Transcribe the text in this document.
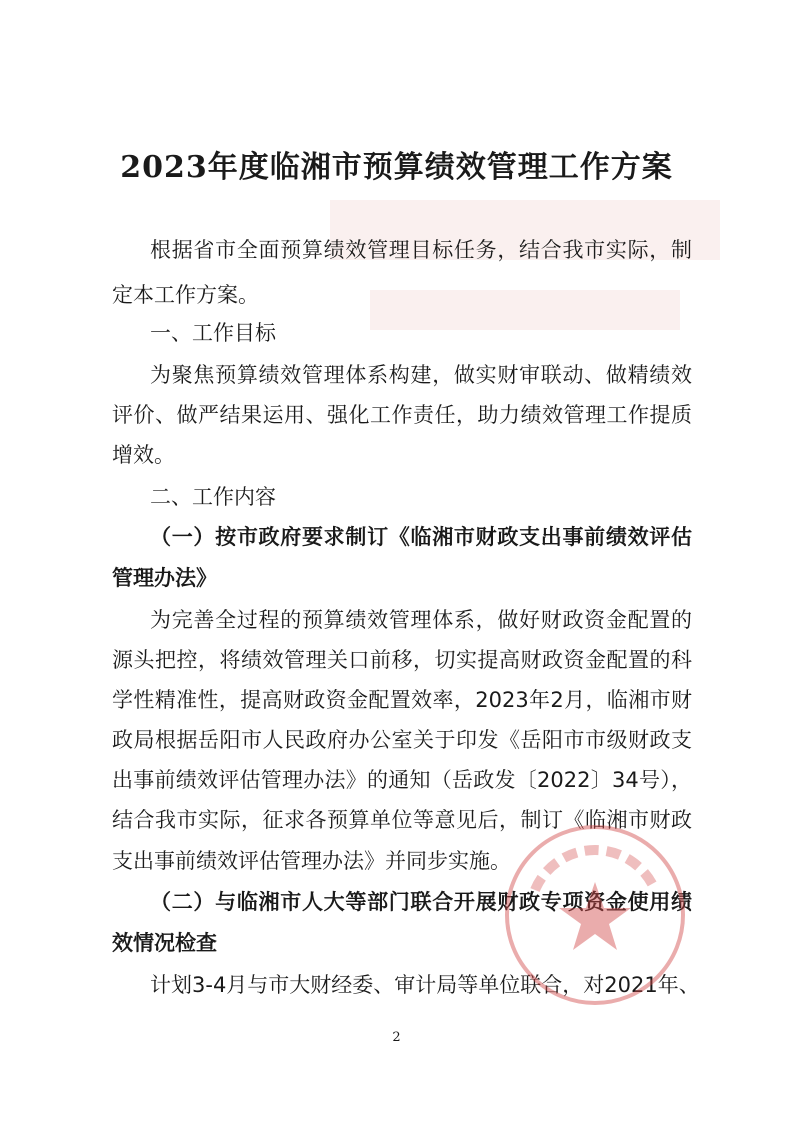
2023年度临湘市预算绩效管理工作方案
根据省市全面预算绩效管理目标任务，结合我市实际，制
定本工作方案。
一、工作目标
为聚焦预算绩效管理体系构建，做实财审联动、做精绩效
评价、做严结果运用、强化工作责任，助力绩效管理工作提质
增效。
二、工作内容
（一）按市政府要求制订《临湘市财政支出事前绩效评估
管理办法》
为完善全过程的预算绩效管理体系，做好财政资金配置的
源头把控，将绩效管理关口前移，切实提高财政资金配置的科
学性精准性，提高财政资金配置效率，2023年2月，临湘市财
政局根据岳阳市人民政府办公室关于印发《岳阳市市级财政支
出事前绩效评估管理办法》的通知（岳政发〔2022〕34号），
结合我市实际，征求各预算单位等意见后，制订《临湘市财政
支出事前绩效评估管理办法》并同步实施。
（二）与临湘市人大等部门联合开展财政专项资金使用绩
效情况检查
计划3-4月与市大财经委、审计局等单位联合，对2021年、
2
